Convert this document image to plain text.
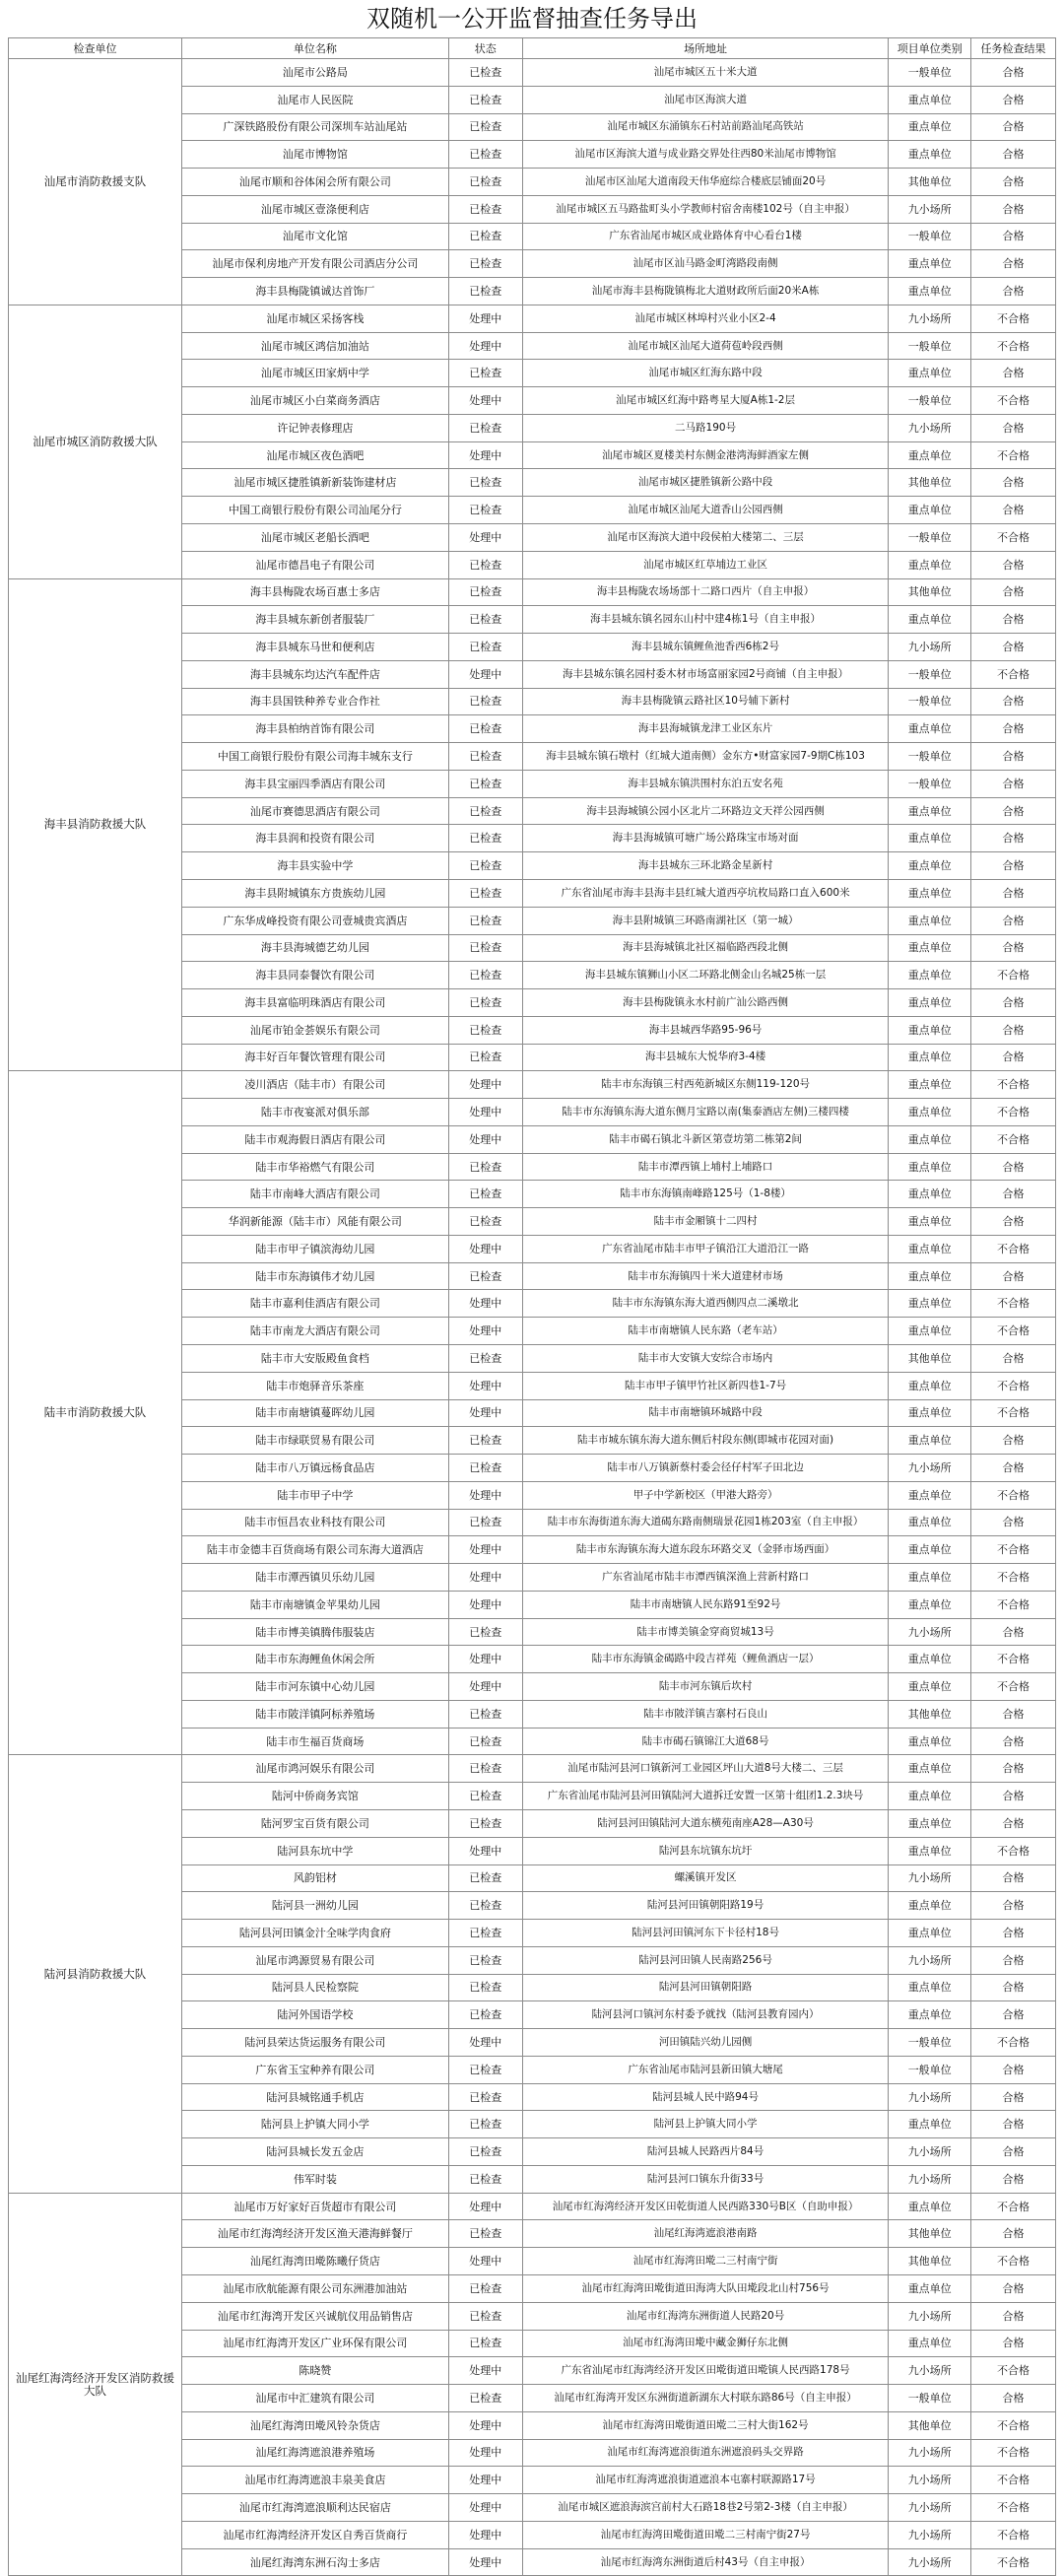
双随机一公开监督抽查任务导出
检查单位	单位名称	状态	场所地址	项目单位类别	任务检查结果
汕尾市消防救援支队	汕尾市公路局	已检查	汕尾市城区五十米大道	一般单位	合格
	汕尾市人民医院	已检查	汕尾市区海滨大道	重点单位	合格
	广深铁路股份有限公司深圳车站汕尾站	已检查	汕尾市城区东涌镇东石村站前路汕尾高铁站	重点单位	合格
	汕尾市博物馆	已检查	汕尾市区海滨大道与成业路交界处往西80米汕尾市博物馆	重点单位	合格
	汕尾市顺和谷体闲会所有限公司	已检查	汕尾市区汕尾大道南段天伟华庭综合楼底层铺面20号	其他单位	合格
	汕尾市城区壹涤便利店	已检查	汕尾市城区五马路盐町头小学教师村宿舍南楼102号（自主申报）	九小场所	合格
	汕尾市文化馆	已检查	广东省汕尾市城区成业路体育中心看台1楼	一般单位	合格
	汕尾市保利房地产开发有限公司酒店分公司	已检查	汕尾市区汕马路金町湾路段南侧	重点单位	合格
	海丰县梅陇镇诚达首饰厂	已检查	汕尾市海丰县梅陇镇梅北大道财政所后面20米A栋	重点单位	合格
汕尾市城区消防救援大队	汕尾市城区采扬客栈	处理中	汕尾市城区林埠村兴业小区2-4	九小场所	不合格
	汕尾市城区鸿信加油站	处理中	汕尾市城区汕尾大道荷苞岭段西侧	一般单位	不合格
	汕尾市城区田家炳中学	已检查	汕尾市城区红海东路中段	重点单位	合格
	汕尾市城区小白菜商务酒店	处理中	汕尾市城区红海中路粤星大厦A栋1-2层	一般单位	不合格
	许记钟表修理店	已检查	二马路190号	九小场所	合格
	汕尾市城区夜色酒吧	处理中	汕尾市城区夏楼美村东侧金港湾海鲜酒家左侧	重点单位	不合格
	汕尾市城区捷胜镇新新装饰建材店	已检查	汕尾市城区捷胜镇新公路中段	其他单位	合格
	中国工商银行股份有限公司汕尾分行	已检查	汕尾市城区汕尾大道香山公园西侧	重点单位	合格
	汕尾市城区老船长酒吧	处理中	汕尾市区海滨大道中段侯柏大楼第二、三层	一般单位	不合格
	汕尾市德昌电子有限公司	已检查	汕尾市城区红草埔边工业区	重点单位	合格
海丰县消防救援大队	海丰县梅陇农场百惠士多店	已检查	海丰县梅陇农场场部十二路口西片（自主申报）	其他单位	合格
	海丰县城东新创者服装厂	已检查	海丰县城东镇名园东山村中建4栋1号（自主申报）	重点单位	合格
	海丰县城东马世和便利店	已检查	海丰县城东镇鲤鱼池香西6栋2号	九小场所	合格
	海丰县城东均达汽车配件店	处理中	海丰县城东镇名园村委木材市场富丽家园2号商铺（自主申报）	一般单位	不合格
	海丰县国铁种养专业合作社	已检查	海丰县梅陇镇云路社区10号辅下新村	一般单位	合格
	海丰县柏纳首饰有限公司	已检查	海丰县海城镇龙津工业区东片	重点单位	合格
	中国工商银行股份有限公司海丰城东支行	已检查	海丰县城东镇石墩村（红城大道南侧）金东方•财富家园7-9期C栋103	一般单位	合格
	海丰县宝丽四季酒店有限公司	已检查	海丰县城东镇洪围村东泊五安名苑	一般单位	合格
	汕尾市赛德思酒店有限公司	已检查	海丰县海城镇公园小区北片二环路边文天祥公园西侧	重点单位	合格
	海丰县润和投资有限公司	已检查	海丰县海城镇可塘广场公路珠宝市场对面	重点单位	合格
	海丰县实验中学	已检查	海丰县城东三环北路金星新村	重点单位	合格
	海丰县附城镇东方贵族幼儿园	已检查	广东省汕尾市海丰县海丰县红城大道西亭坑枚局路口直入600米	重点单位	合格
	广东华成峰投资有限公司壹城贵宾酒店	已检查	海丰县附城镇三环路南湖社区（第一城）	重点单位	合格
	海丰县海城德艺幼儿园	已检查	海丰县海城镇北社区福临路西段北侧	重点单位	合格
	海丰县同泰餐饮有限公司	已检查	海丰县城东镇狮山小区二环路北侧金山名城25栋一层	重点单位	不合格
	海丰县富临明珠酒店有限公司	已检查	海丰县梅陇镇永水村前广汕公路西侧	重点单位	合格
	汕尾市铂金荟娱乐有限公司	已检查	海丰县城西华路95-96号	重点单位	合格
	海丰好百年餐饮管理有限公司	已检查	海丰县城东大悦华府3-4楼	重点单位	合格
陆丰市消防救援大队	凌川酒店（陆丰市）有限公司	处理中	陆丰市东海镇三村西苑新城区东侧119-120号	重点单位	不合格
	陆丰市夜宴派对俱乐部	处理中	陆丰市东海镇东海大道东侧月宝路以南(集泰酒店左侧)三楼四楼	重点单位	不合格
	陆丰市观海假日酒店有限公司	处理中	陆丰市碣石镇北斗新区第壹坊第二栋第2间	重点单位	不合格
	陆丰市华裕燃气有限公司	已检查	陆丰市潭西镇上埔村上埔路口	重点单位	合格
	陆丰市南峰大酒店有限公司	已检查	陆丰市东海镇南峰路125号（1-8楼）	重点单位	合格
	华润新能源（陆丰市）风能有限公司	已检查	陆丰市金厢镇十二四村	重点单位	合格
	陆丰市甲子镇滨海幼儿园	处理中	广东省汕尾市陆丰市甲子镇沿江大道沿江一路	重点单位	不合格
	陆丰市东海镇伟才幼儿园	已检查	陆丰市东海镇四十米大道建材市场	重点单位	合格
	陆丰市嘉利佳酒店有限公司	处理中	陆丰市东海镇东海大道西侧四点二溪墩北	重点单位	不合格
	陆丰市南龙大酒店有限公司	处理中	陆丰市南塘镇人民东路（老车站）	重点单位	不合格
	陆丰市大安版殿鱼食档	已检查	陆丰市大安镇大安综合市场内	其他单位	合格
	陆丰市炮驿音乐茶座	处理中	陆丰市甲子镇甲竹社区新四巷1-7号	重点单位	不合格
	陆丰市南塘镇蔓晖幼儿园	处理中	陆丰市南塘镇环城路中段	重点单位	不合格
	陆丰市绿联贸易有限公司	已检查	陆丰市城东镇东海大道东侧后村段东侧(即城市花园对面)	重点单位	合格
	陆丰市八万镇远杨食品店	已检查	陆丰市八万镇新蔡村委会径仔村军子田北边	九小场所	合格
	陆丰市甲子中学	处理中	甲子中学新校区（甲港大路旁）	重点单位	不合格
	陆丰市恒昌农业科技有限公司	已检查	陆丰市东海街道东海大道碣东路南侧瑞景花园1栋203室（自主申报）	重点单位	合格
	陆丰市金德丰百货商场有限公司东海大道酒店	处理中	陆丰市东海镇东海大道东段东环路交叉（金驿市场西面）	重点单位	不合格
	陆丰市潭西镇贝乐幼儿园	处理中	广东省汕尾市陆丰市潭西镇深渔上营新村路口	重点单位	不合格
	陆丰市南塘镇金苹果幼儿园	处理中	陆丰市南塘镇人民东路91至92号	重点单位	不合格
	陆丰市博美镇腾伟服装店	已检查	陆丰市博美镇金穿商贸城13号	九小场所	合格
	陆丰市东海鲤鱼休闲会所	处理中	陆丰市东海镇金碣路中段吉祥苑（鲤鱼酒店一层）	重点单位	不合格
	陆丰市河东镇中心幼儿园	处理中	陆丰市河东镇后坎村	重点单位	不合格
	陆丰市陂洋镇阿标养殖场	已检查	陆丰市陂洋镇吉寨村石良山	其他单位	合格
	陆丰市生福百货商场	已检查	陆丰市碣石镇锦江大道68号	重点单位	合格
陆河县消防救援大队	汕尾市鸿河娱乐有限公司	已检查	汕尾市陆河县河口镇新河工业园区坪山大道8号大楼二、三层	重点单位	合格
	陆河中侨商务宾馆	已检查	广东省汕尾市陆河县河田镇陆河大道拆迁安置一区第十组团1.2.3块号	重点单位	合格
	陆河罗宝百货有限公司	已检查	陆河县河田镇陆河大道东横苑南座A28—A30号	重点单位	合格
	陆河县东坑中学	处理中	陆河县东坑镇东坑圩	重点单位	不合格
	风韵铝材	已检查	螺溪镇开发区	九小场所	合格
	陆河县一洲幼儿园	已检查	陆河县河田镇朝阳路19号	重点单位	合格
	陆河县河田镇金汁全味学肉食府	已检查	陆河县河田镇河东下卡径村18号	重点单位	合格
	汕尾市鸿源贸易有限公司	已检查	陆河县河田镇人民南路256号	九小场所	合格
	陆河县人民检察院	已检查	陆河县河田镇朝阳路	重点单位	合格
	陆河外国语学校	已检查	陆河县河口镇河东村委予就找（陆河县教育园内）	重点单位	合格
	陆河县荣达货运服务有限公司	处理中	河田镇陆兴幼儿园侧	一般单位	不合格
	广东省玉宝种养有限公司	已检查	广东省汕尾市陆河县新田镇大塘尾	一般单位	合格
	陆河县城铭通手机店	已检查	陆河县城人民中路94号	九小场所	合格
	陆河县上护镇大同小学	已检查	陆河县上护镇大同小学	重点单位	合格
	陆河县城长发五金店	已检查	陆河县城人民路西片84号	九小场所	合格
	伟军时装	已检查	陆河县河口镇东升街33号	九小场所	合格
汕尾红海湾经济开发区消防救援大队	汕尾市万好家好百货超市有限公司	处理中	汕尾市红海湾经济开发区田乾街道人民西路330号B区（自助申报）	重点单位	不合格
	汕尾市红海湾经济开发区渔天港海鲜餐厅	已检查	汕尾红海湾遮浪港南路	其他单位	合格
	汕尾红海湾田墘陈曦仔货店	处理中	汕尾市红海湾田墘二三村南宁街	其他单位	不合格
	汕尾市欣航能源有限公司东洲港加油站	已检查	汕尾市红海湾田墘街道田海湾大队田墘段北山村756号	重点单位	合格
	汕尾市红海湾开发区兴诚航仪用品销售店	已检查	汕尾市红海湾东洲街道人民路20号	九小场所	合格
	汕尾市红海湾开发区广业环保有限公司	已检查	汕尾市红海湾田墘中藏金狮仔东北侧	重点单位	合格
	陈晓赞	处理中	广东省汕尾市红海湾经济开发区田墘街道田墘镇人民西路178号	九小场所	不合格
	汕尾市中汇建筑有限公司	已检查	汕尾市红海湾开发区东洲街道新湖东大村联东路86号（自主申报）	一般单位	合格
	汕尾红海湾田墘风铃杂货店	处理中	汕尾市红海湾田墘街道田墘二三村大街162号	其他单位	不合格
	汕尾红海湾遮浪港养殖场	处理中	汕尾市红海湾遮浪街道东洲遮浪码头交界路	九小场所	不合格
	汕尾市红海湾遮浪丰泉美食店	处理中	汕尾市红海湾遮浪街道遮浪本屯寨村联源路17号	九小场所	不合格
	汕尾市红海湾遮浪顺利达民宿店	处理中	汕尾市城区遮浪海滨宫前村大石路18巷2号第2-3楼（自主申报）	九小场所	不合格
	汕尾市红海湾经济开发区自秀百货商行	处理中	汕尾市红海湾田墘街道田墘二三村南宁街27号	九小场所	不合格
	汕尾红海湾东洲石沟士多店	处理中	汕尾市红海湾东洲街道后村43号（自主申报）	九小场所	不合格
